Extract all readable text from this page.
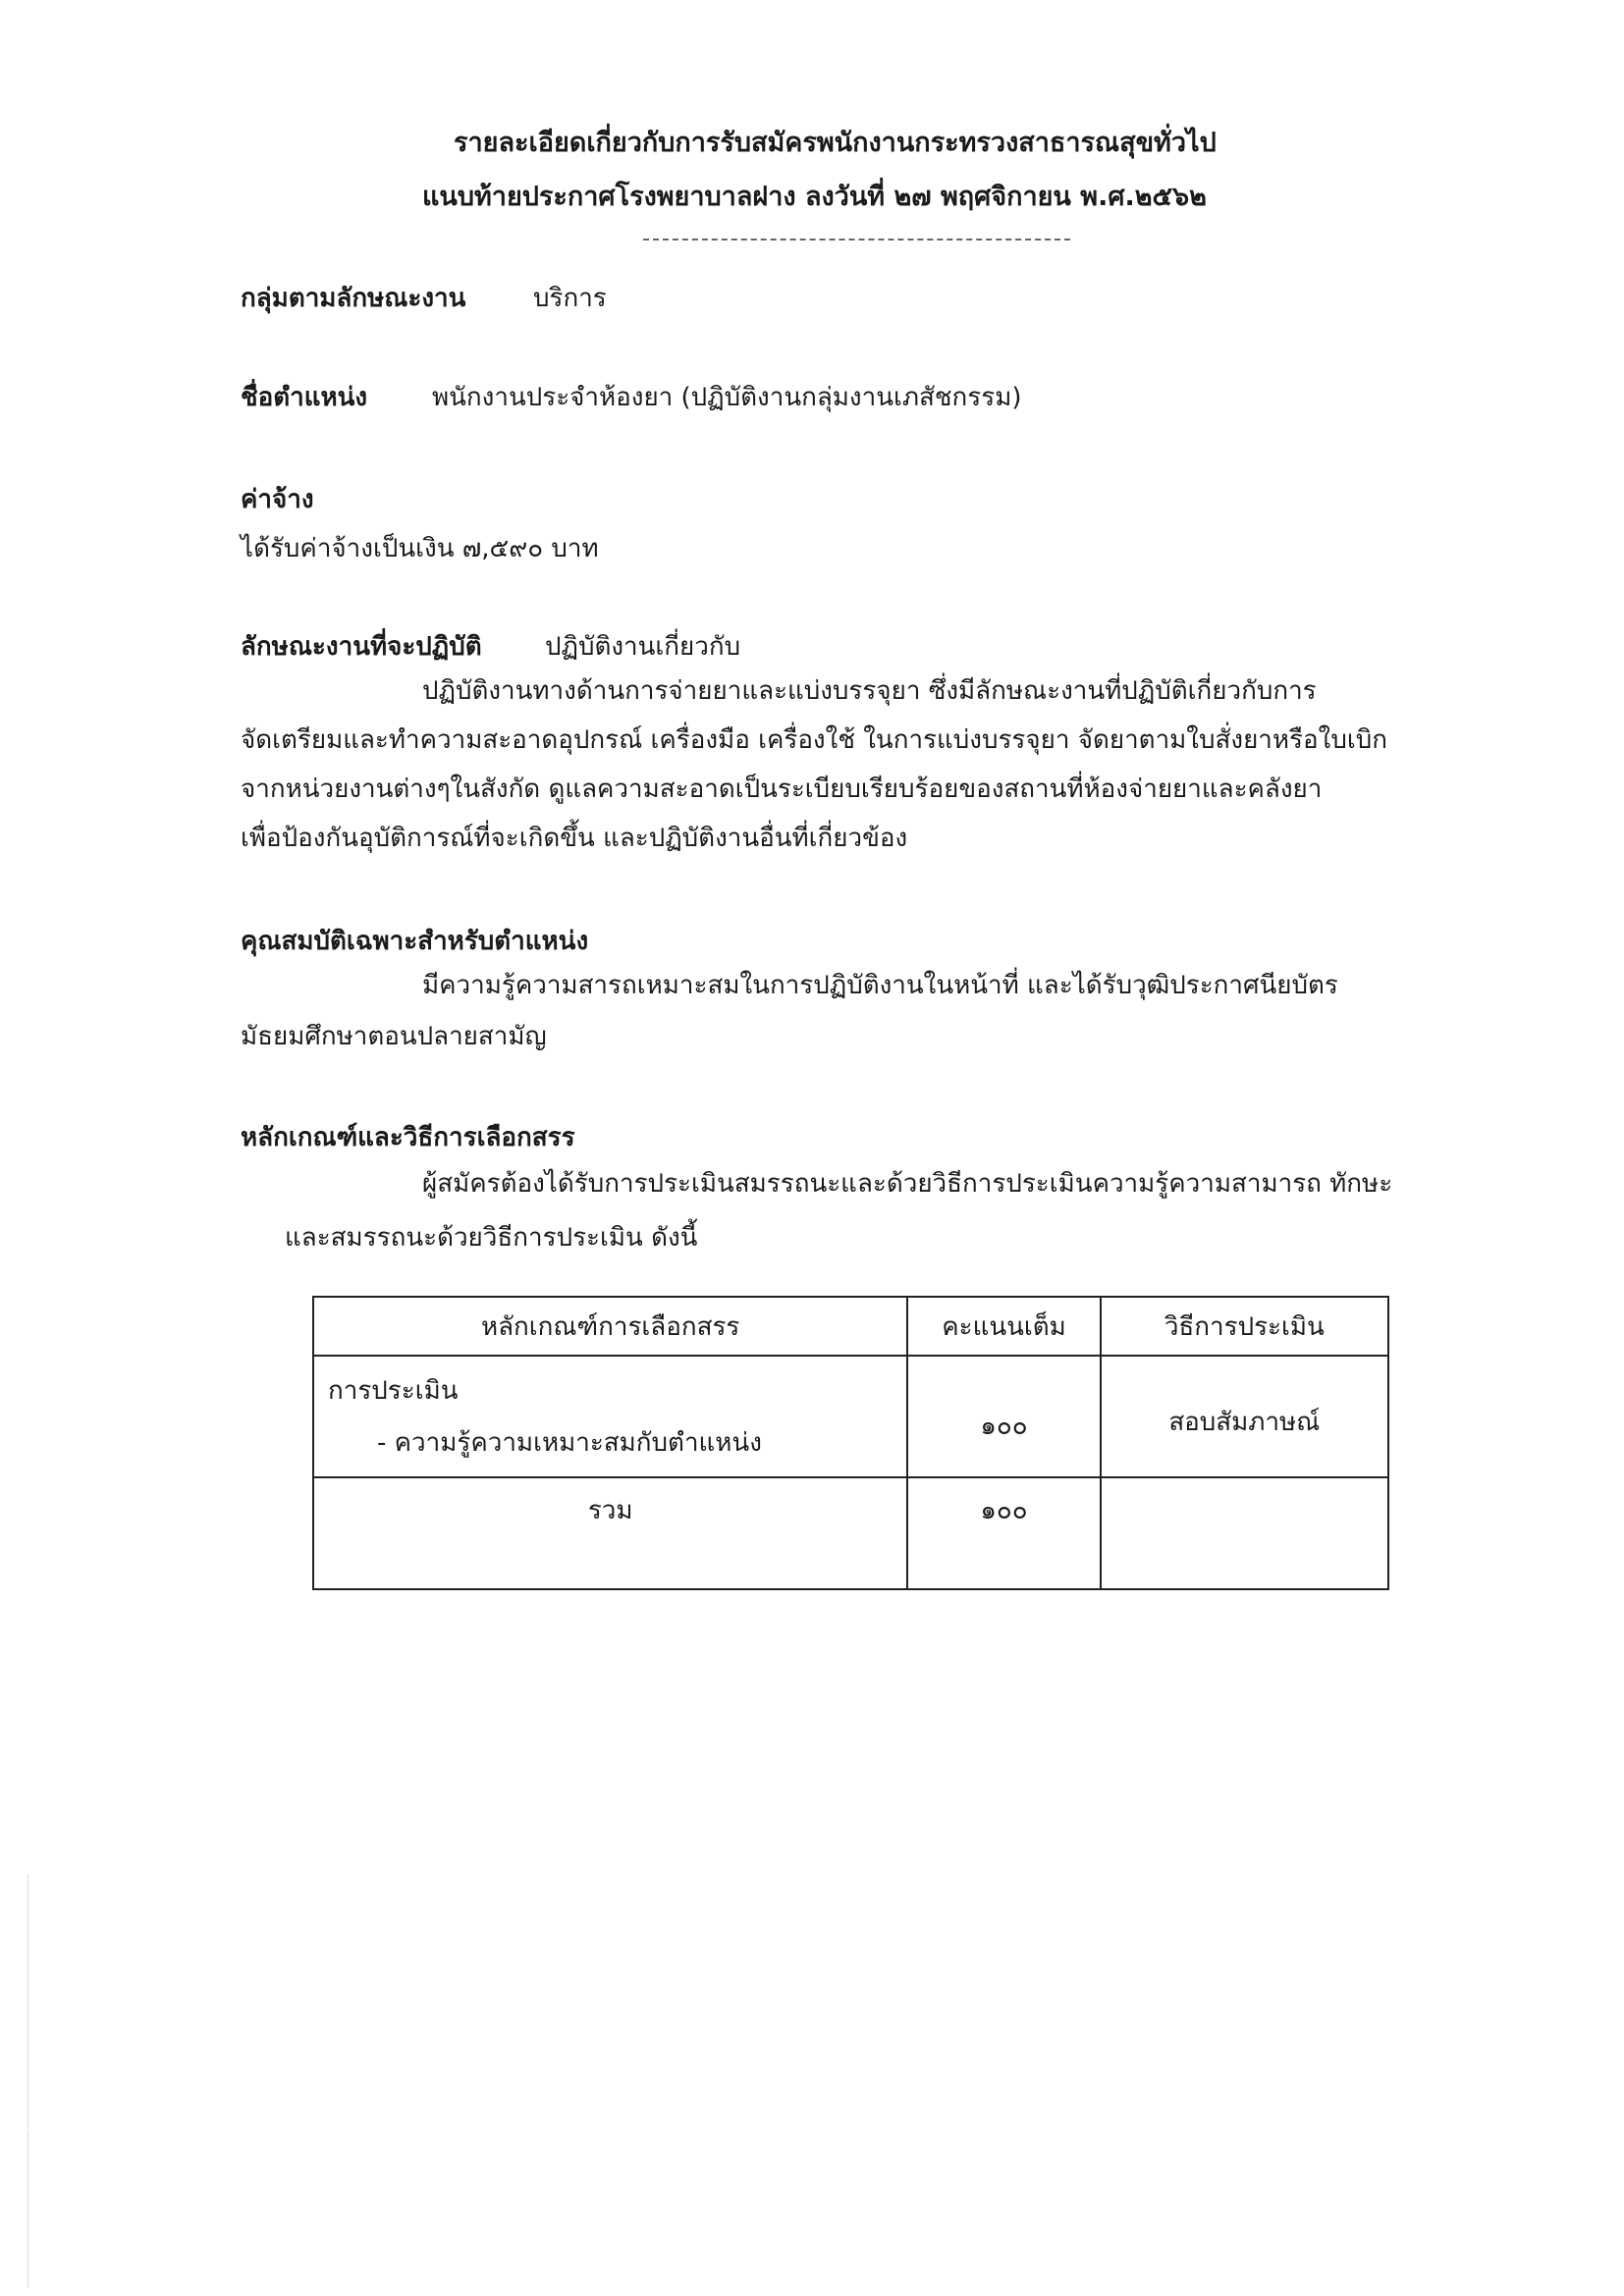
รายละเอียดเกี่ยวกับการรับสมัครพนักงานกระทรวงสาธารณสุขทั่วไป
แนบท้ายประกาศโรงพยาบาลฝาง ลงวันที่ ๒๗ พฤศจิกายน พ.ศ.๒๕๖๒
กลุ่มตามลักษณะงาน	บริการ
ชื่อตำแหน่ง	พนักงานประจำห้องยา (ปฏิบัติงานกลุ่มงานเภสัชกรรม)
ค่าจ้าง
ได้รับค่าจ้างเป็นเงิน ๗,๕๙๐ บาท
ลักษณะงานที่จะปฏิบัติ ปฏิบัติงานเกี่ยวกับ
ปฏิบัติงานทางด้านการจ่ายยาและแบ่งบรรจุยา ซึ่งมีลักษณะงานที่ปฏิบัติเกี่ยวกับการ
จัดเตรียมและทำความสะอาดอุปกรณ์ เครื่องมือ เครื่องใช้ ในการแบ่งบรรจุยา จัดยาตามใบสั่งยาหรือใบเบิก
จากหน่วยงานต่างๆในสังกัด ดูแลความสะอาดเป็นระเบียบเรียบร้อยของสถานที่ห้องจ่ายยาและคลังยา
เพื่อป้องกันอุบัติการณ์ที่จะเกิดขึ้น และปฏิบัติงานอื่นที่เกี่ยวข้อง
คุณสมบัติเฉพาะสำหรับตำแหน่ง
มีความรู้ความสารถเหมาะสมในการปฏิบัติงานในหน้าที่ และได้รับวุฒิประกาศนียบัตร
มัธยมศึกษาตอนปลายสามัญ
หลักเกณฑ์และวิธีการเลือกสรร
ผู้สมัครต้องได้รับการประเมินสมรรถนะและด้วยวิธีการประเมินความรู้ความสามารถ ทักษะ
และสมรรถนะด้วยวิธีการประเมิน ดังนี้
หลักเกณฑ์การเลือกสรร	คะแนนเต็ม	วิธีการประเมิน
การประเมิน
- ความรู้ความเหมาะสมกับตำแหน่ง	๑๐๐	สอบสัมภาษณ์
รวม	๑๐๐	
